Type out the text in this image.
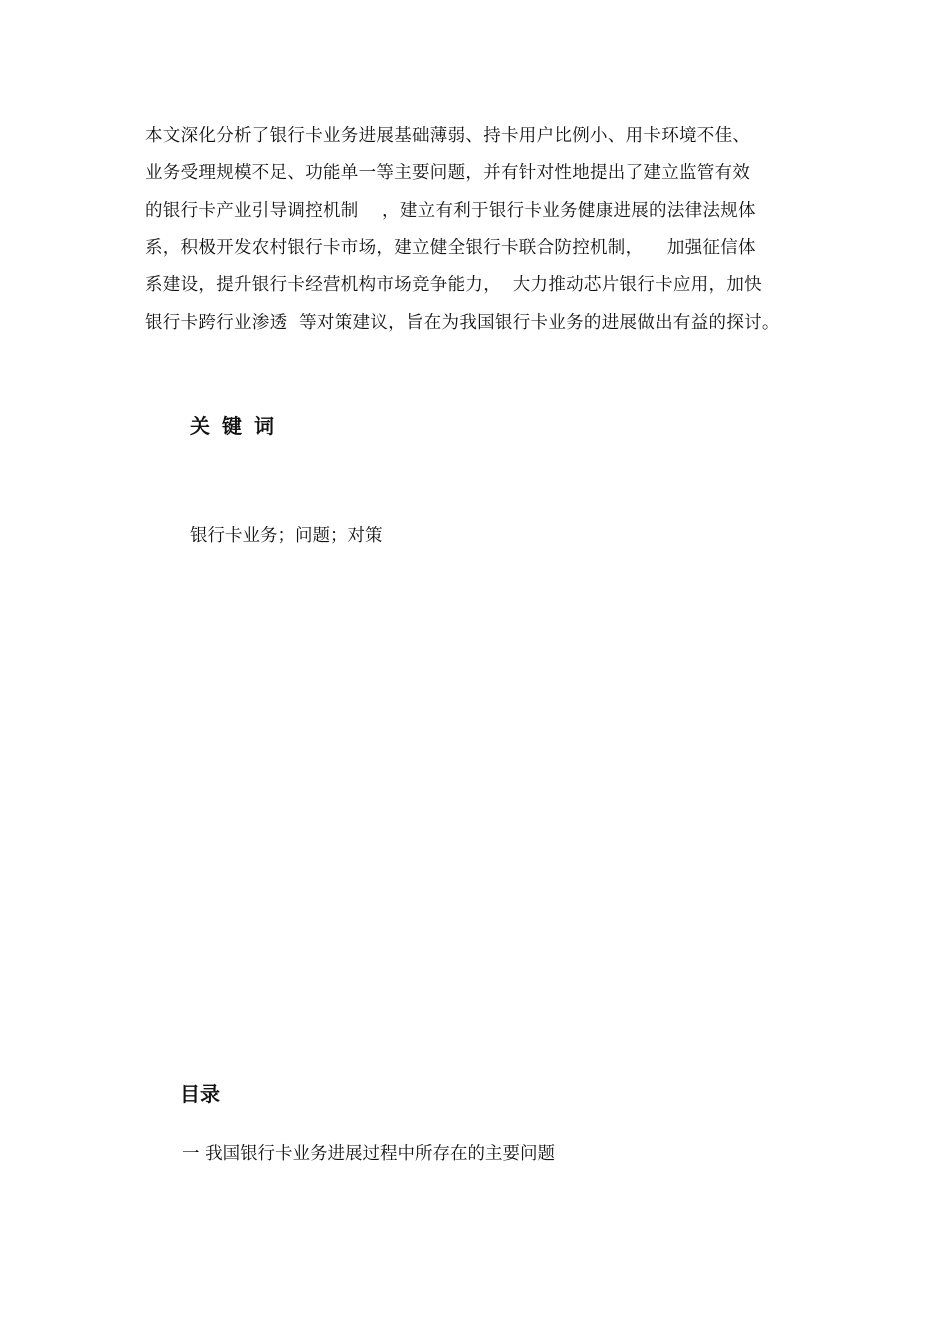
本文深化分析了银行卡业务进展基础薄弱、持卡用户比例小、用卡环境不佳、
业务受理规模不足、功能单一等主要问题，并有针对性地提出了建立监管有效
的银行卡产业引导调控机制    ，建立有利于银行卡业务健康进展的法律法规体
系，积极开发农村银行卡市场，建立健全银行卡联合防控机制，    加强征信体
系建设，提升银行卡经营机构市场竞争能力，  大力推动芯片银行卡应用，加快
银行卡跨行业渗透  等对策建议，旨在为我国银行卡业务的进展做出有益的探讨。
关键词
银行卡业务；问题；对策
目录
一 我国银行卡业务进展过程中所存在的主要问题
